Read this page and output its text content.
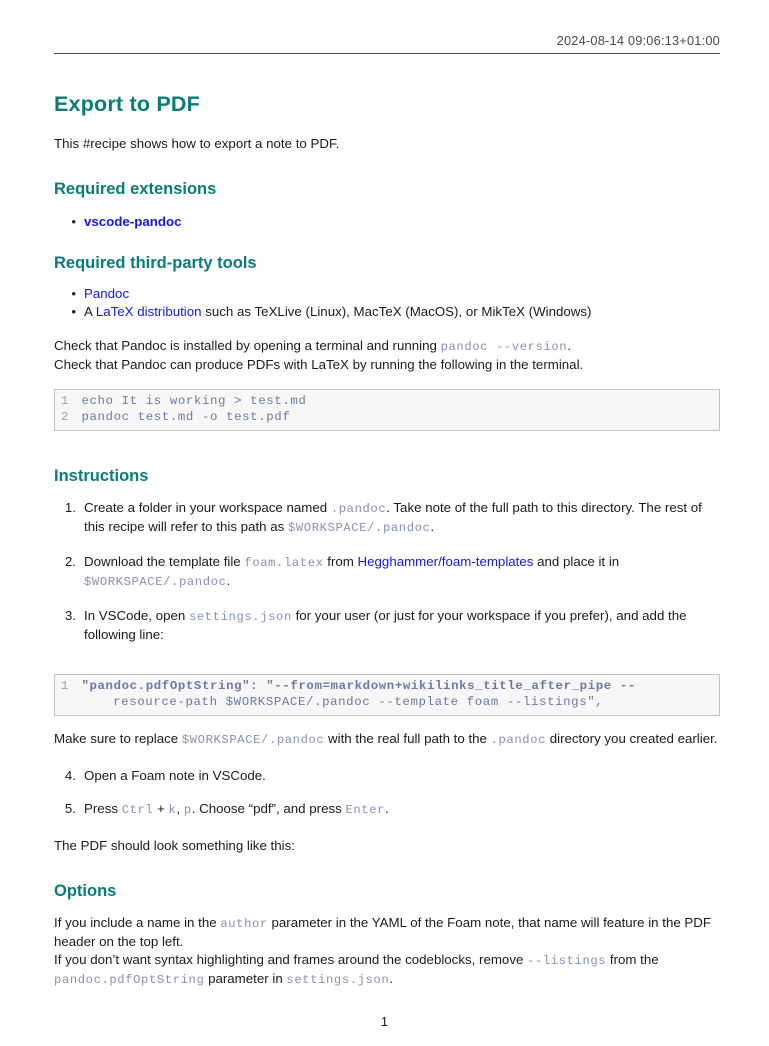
2024-08-14 09:06:13+01:00
Export to PDF

This #recipe shows how to export a note to PDF.

Required extensions
• vscode-pandoc
Required third-party tools
• Pandoc
• A LaTeX distribution such as TeXLive (Linux), MacTeX (MacOS), or MikTeX (Windows)

Check that Pandoc is installed by opening a terminal and running pandoc --version.
Check that Pandoc can produce PDFs with LaTeX by running the following in the terminal.

1	echo It is working > test.md
2	pandoc test.md -o test.pdf
Instructions
1. Create a folder in your workspace named .pandoc. Take note of the full path to this directory. The rest of this recipe will refer to this path as $WORKSPACE/.pandoc.
2. Download the template file foam.latex from Hegghammer/foam-templates and place it in $WORKSPACE/.pandoc.
3. In VSCode, open settings.json for your user (or just for your workspace if you prefer), and add the following line:
1	"pandoc.pdfOptString": "--from=markdown+wikilinks_title_after_pipe --
resource-path $WORKSPACE/.pandoc --template foam --listings",

Make sure to replace $WORKSPACE/.pandoc with the real full path to the .pandoc directory you created earlier.

4. Open a Foam note in VSCode.
5. Press Ctrl + k, p. Choose “pdf”, and press Enter.

The PDF should look something like this:

Options

If you include a name in the author parameter in the YAML of the Foam note, that name will feature in the PDF header on the top left.
If you don’t want syntax highlighting and frames around the codeblocks, remove --listings from the pandoc.pdfOptString parameter in settings.json.

1
